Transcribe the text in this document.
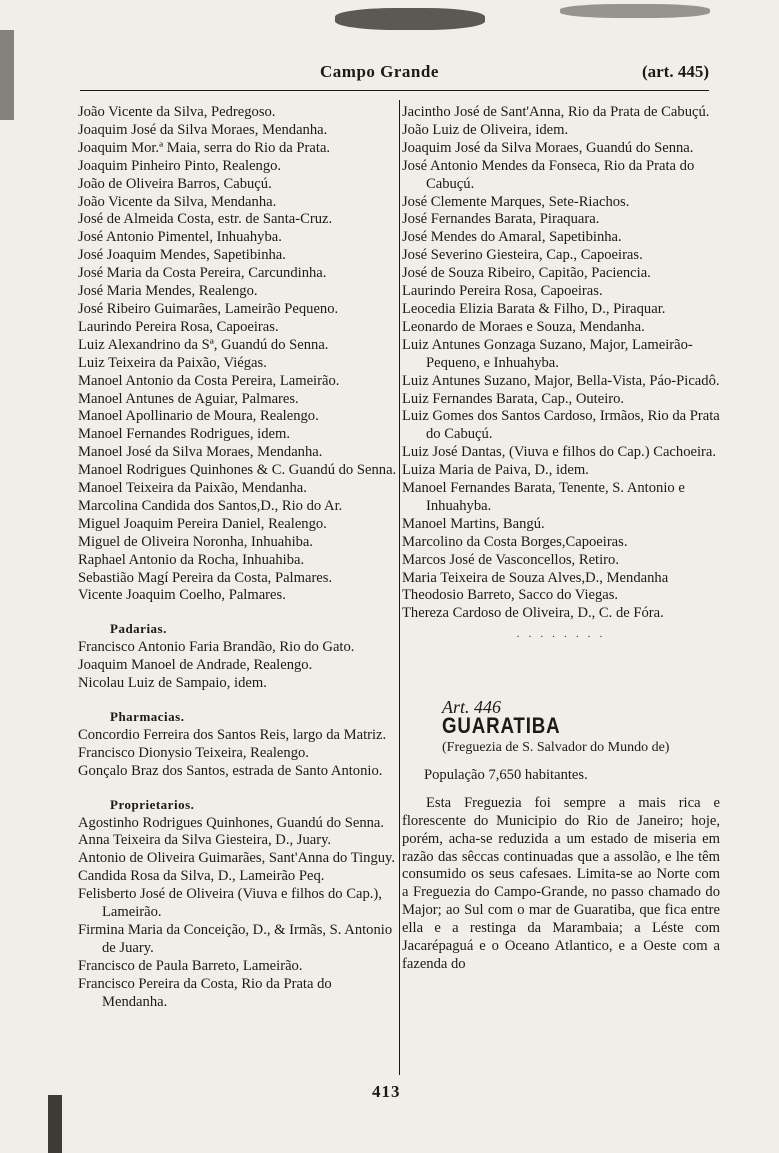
Campo Grande	(art. 445)

João Vicente da Silva, Pedregoso.

Joaquim José da Silva Moraes, Mendanha.

Joaquim Mor.ª Maia, serra do Rio da Prata.

Joaquim Pinheiro Pinto, Realengo.

João de Oliveira Barros, Cabuçú.

João Vicente da Silva, Mendanha.

José de Almeida Costa, estr. de Santa-Cruz.

José Antonio Pimentel, Inhuahyba.

José Joaquim Mendes, Sapetibinha.

José Maria da Costa Pereira, Carcundinha.

José Maria Mendes, Realengo.

José Ribeiro Guimarães, Lameirão Pequeno.

Laurindo Pereira Rosa, Capoeiras.

Luiz Alexandrino da Sª, Guandú do Senna.

Luiz Teixeira da Paixão, Viégas.

Manoel Antonio da Costa Pereira, Lameirão.

Manoel Antunes de Aguiar, Palmares.

Manoel Apollinario de Moura, Realengo.

Manoel Fernandes Rodrigues, idem.

Manoel José da Silva Moraes, Mendanha.

Manoel Rodrigues Quinhones & C. Guandú do Senna.

Manoel Teixeira da Paixão, Mendanha.

Marcolina Candida dos Santos,D., Rio do Ar.

Miguel Joaquim Pereira Daniel, Realengo.

Miguel de Oliveira Noronha, Inhuahiba.

Raphael Antonio da Rocha, Inhuahiba.

Sebastião Magí Pereira da Costa, Palmares.

Vicente Joaquim Coelho, Palmares.

Padarias.

Francisco Antonio Faria Brandão, Rio do Gato.

Joaquim Manoel de Andrade, Realengo.

Nicolau Luiz de Sampaio, idem.

Pharmacias.

Concordio Ferreira dos Santos Reis, largo da Matriz.

Francisco Dionysio Teixeira, Realengo.

Gonçalo Braz dos Santos, estrada de Santo Antonio.

Proprietarios.

Agostinho Rodrigues Quinhones, Guandú do Senna.

Anna Teixeira da Silva Giesteira, D., Juary.

Antonio de Oliveira Guimarães, Sant'Anna do Tinguy.

Candida Rosa da Silva, D., Lameirão Peq.

Felisberto José de Oliveira (Viuva e filhos do Cap.), Lameirão.

Firmina Maria da Conceição, D., & Irmãs, S. Antonio de Juary.

Francisco de Paula Barreto, Lameirão.

Francisco Pereira da Costa, Rio da Prata do Mendanha.

Jacintho José de Sant'Anna, Rio da Prata de Cabuçú.

João Luiz de Oliveira, idem.

Joaquim José da Silva Moraes, Guandú do Senna.

José Antonio Mendes da Fonseca, Rio da Prata do Cabuçú.

José Clemente Marques, Sete-Riachos.

José Fernandes Barata, Piraquara.

José Mendes do Amaral, Sapetibinha.

José Severino Giesteira, Cap., Capoeiras.

José de Souza Ribeiro, Capitão, Paciencia.

Laurindo Pereira Rosa, Capoeiras.

Leocedia Elizia Barata & Filho, D., Piraquar.

Leonardo de Moraes e Souza, Mendanha.

Luiz Antunes Gonzaga Suzano, Major, Lameirão-Pequeno, e Inhuahyba.

Luiz Antunes Suzano, Major, Bella-Vista, Páo-Picadô.

Luiz Fernandes Barata, Cap., Outeiro.

Luiz Gomes dos Santos Cardoso, Irmãos, Rio da Prata do Cabuçú.

Luiz José Dantas, (Viuva e filhos do Cap.) Cachoeira.

Luiza Maria de Paiva, D., idem.

Manoel Fernandes Barata, Tenente, S. Antonio e Inhuahyba.

Manoel Martins, Bangú.

Marcolino da Costa Borges,Capoeiras.

Marcos José de Vasconcellos, Retiro.

Maria Teixeira de Souza Alves,D., Mendanha

Theodosio Barreto, Sacco do Viegas.

Thereza Cardoso de Oliveira, D., C. de Fóra.

· · · · · · · ·

Art. 446

GUARATIBA

(Freguezia de S. Salvador do Mundo de)

População 7,650 habitantes.

Esta Freguezia foi sempre a mais rica e florescente do Municipio do Rio de Janeiro; hoje, porém, acha-se reduzida a um estado de miseria em razão das sêccas continuadas que a assolão, e lhe têm consumido os seus cafesaes. Limita-se ao Norte com a Freguezia do Campo-Grande, no passo chamado do Major; ao Sul com o mar de Guaratiba, que fica entre ella e a restinga da Marambaia; a Léste com Jacarépaguá e o Oceano Atlantico, e a Oeste com a fazenda do

413
